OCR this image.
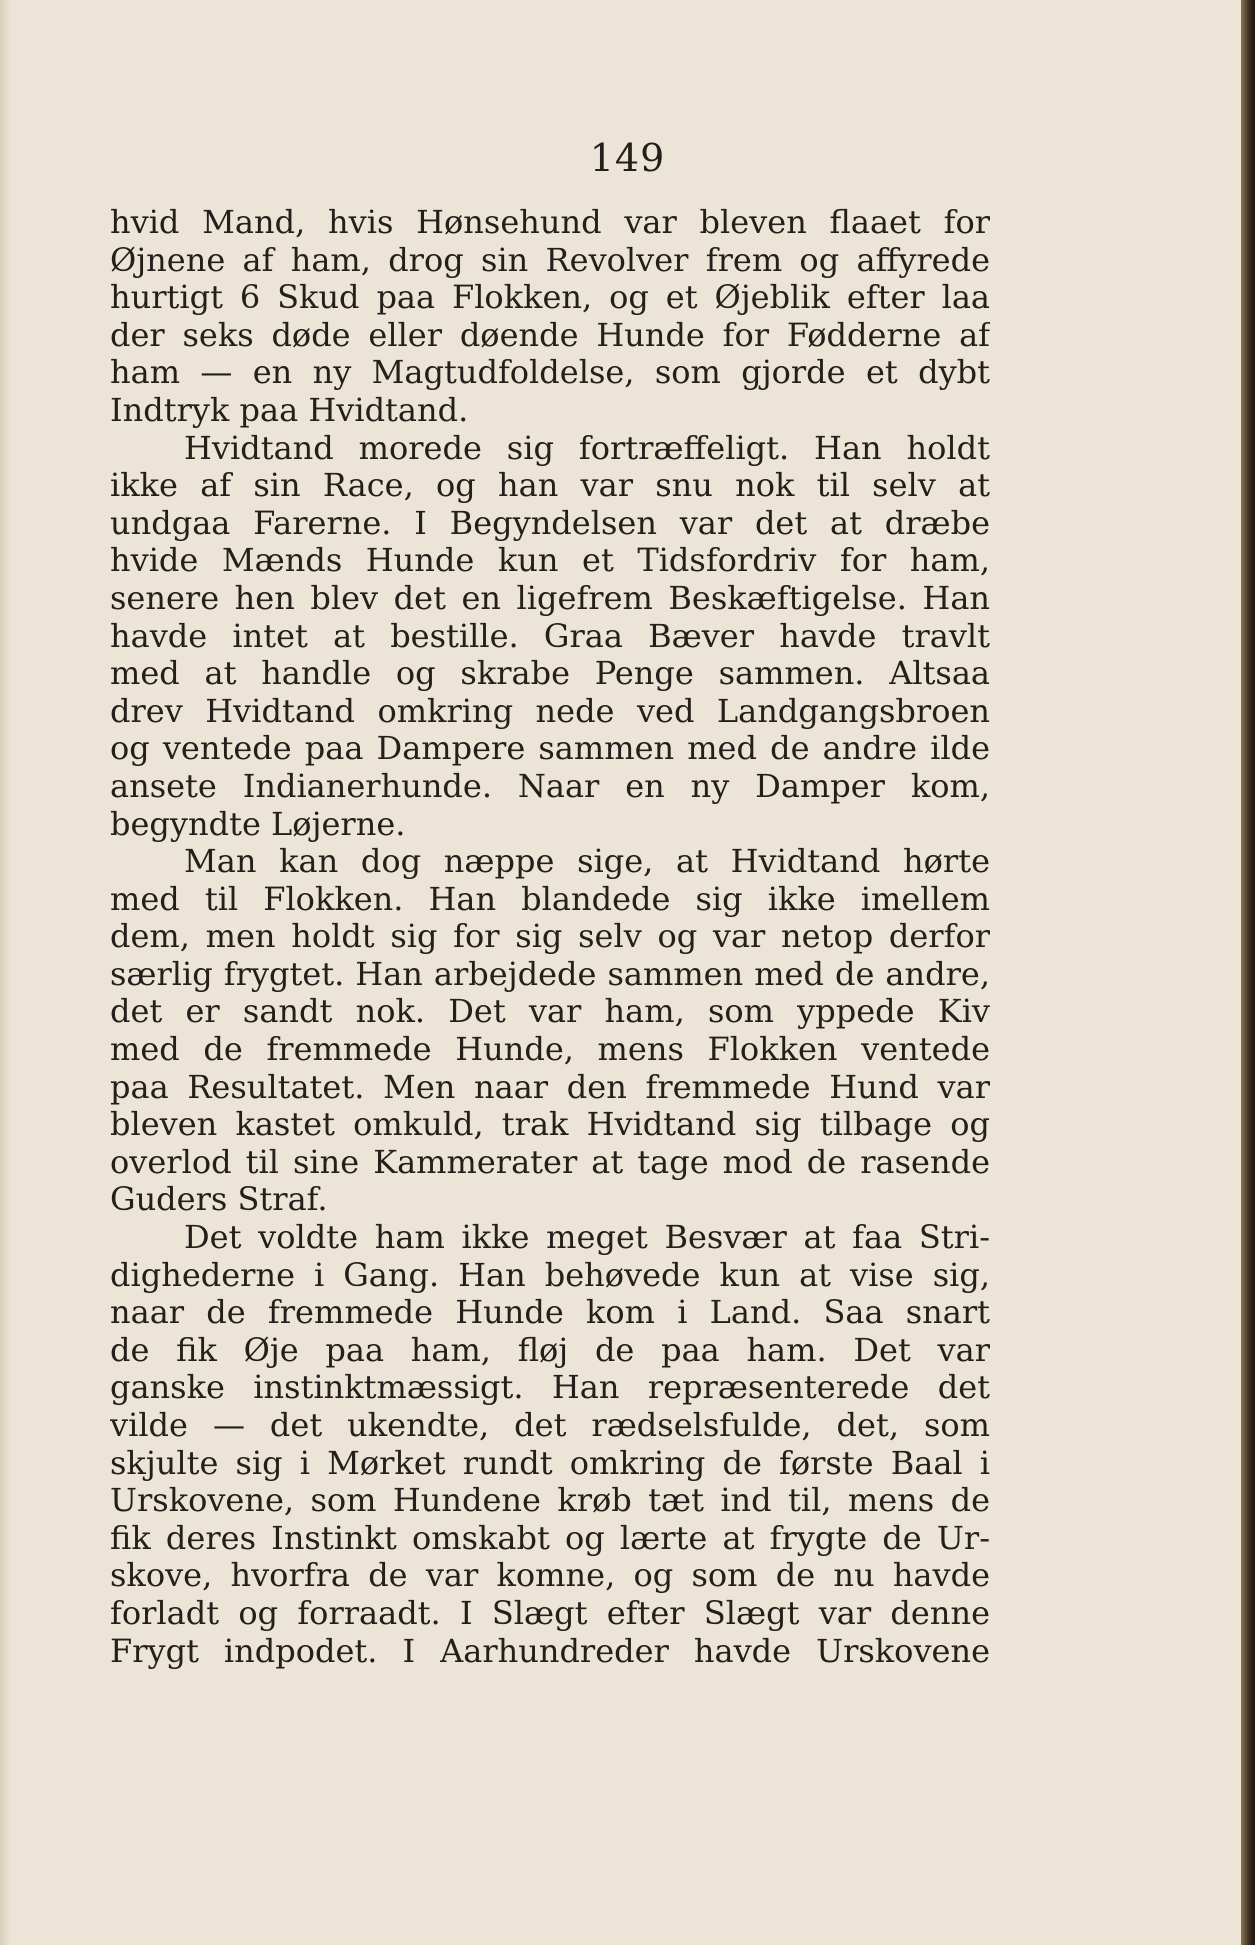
149
hvid Mand, hvis Hønsehund var bleven flaaet for
Øjnene af ham, drog sin Revolver frem og affyrede
hurtigt 6 Skud paa Flokken, og et Øjeblik efter laa
der seks døde eller døende Hunde for Fødderne af
ham — en ny Magtudfoldelse, som gjorde et dybt
Indtryk paa Hvidtand.
Hvidtand morede sig fortræffeligt. Han holdt
ikke af sin Race, og han var snu nok til selv at
undgaa Farerne. I Begyndelsen var det at dræbe
hvide Mænds Hunde kun et Tidsfordriv for ham,
senere hen blev det en ligefrem Beskæftigelse. Han
havde intet at bestille. Graa Bæver havde travlt
med at handle og skrabe Penge sammen. Altsaa
drev Hvidtand omkring nede ved Landgangsbroen
og ventede paa Dampere sammen med de andre ilde
ansete Indianerhunde. Naar en ny Damper kom,
begyndte Løjerne.
Man kan dog næppe sige, at Hvidtand hørte
med til Flokken. Han blandede sig ikke imellem
dem, men holdt sig for sig selv og var netop derfor
særlig frygtet. Han arbejdede sammen med de andre,
det er sandt nok. Det var ham, som yppede Kiv
med de fremmede Hunde, mens Flokken ventede
paa Resultatet. Men naar den fremmede Hund var
bleven kastet omkuld, trak Hvidtand sig tilbage og
overlod til sine Kammerater at tage mod de rasende
Guders Straf.
Det voldte ham ikke meget Besvær at faa Stri-
dighederne i Gang. Han behøvede kun at vise sig,
naar de fremmede Hunde kom i Land. Saa snart
de fik Øje paa ham, fløj de paa ham. Det var
ganske instinktmæssigt. Han repræsenterede det
vilde — det ukendte, det rædselsfulde, det, som
skjulte sig i Mørket rundt omkring de første Baal i
Urskovene, som Hundene krøb tæt ind til, mens de
fik deres Instinkt omskabt og lærte at frygte de Ur-
skove, hvorfra de var komne, og som de nu havde
forladt og forraadt. I Slægt efter Slægt var denne
Frygt indpodet. I Aarhundreder havde Urskovene
